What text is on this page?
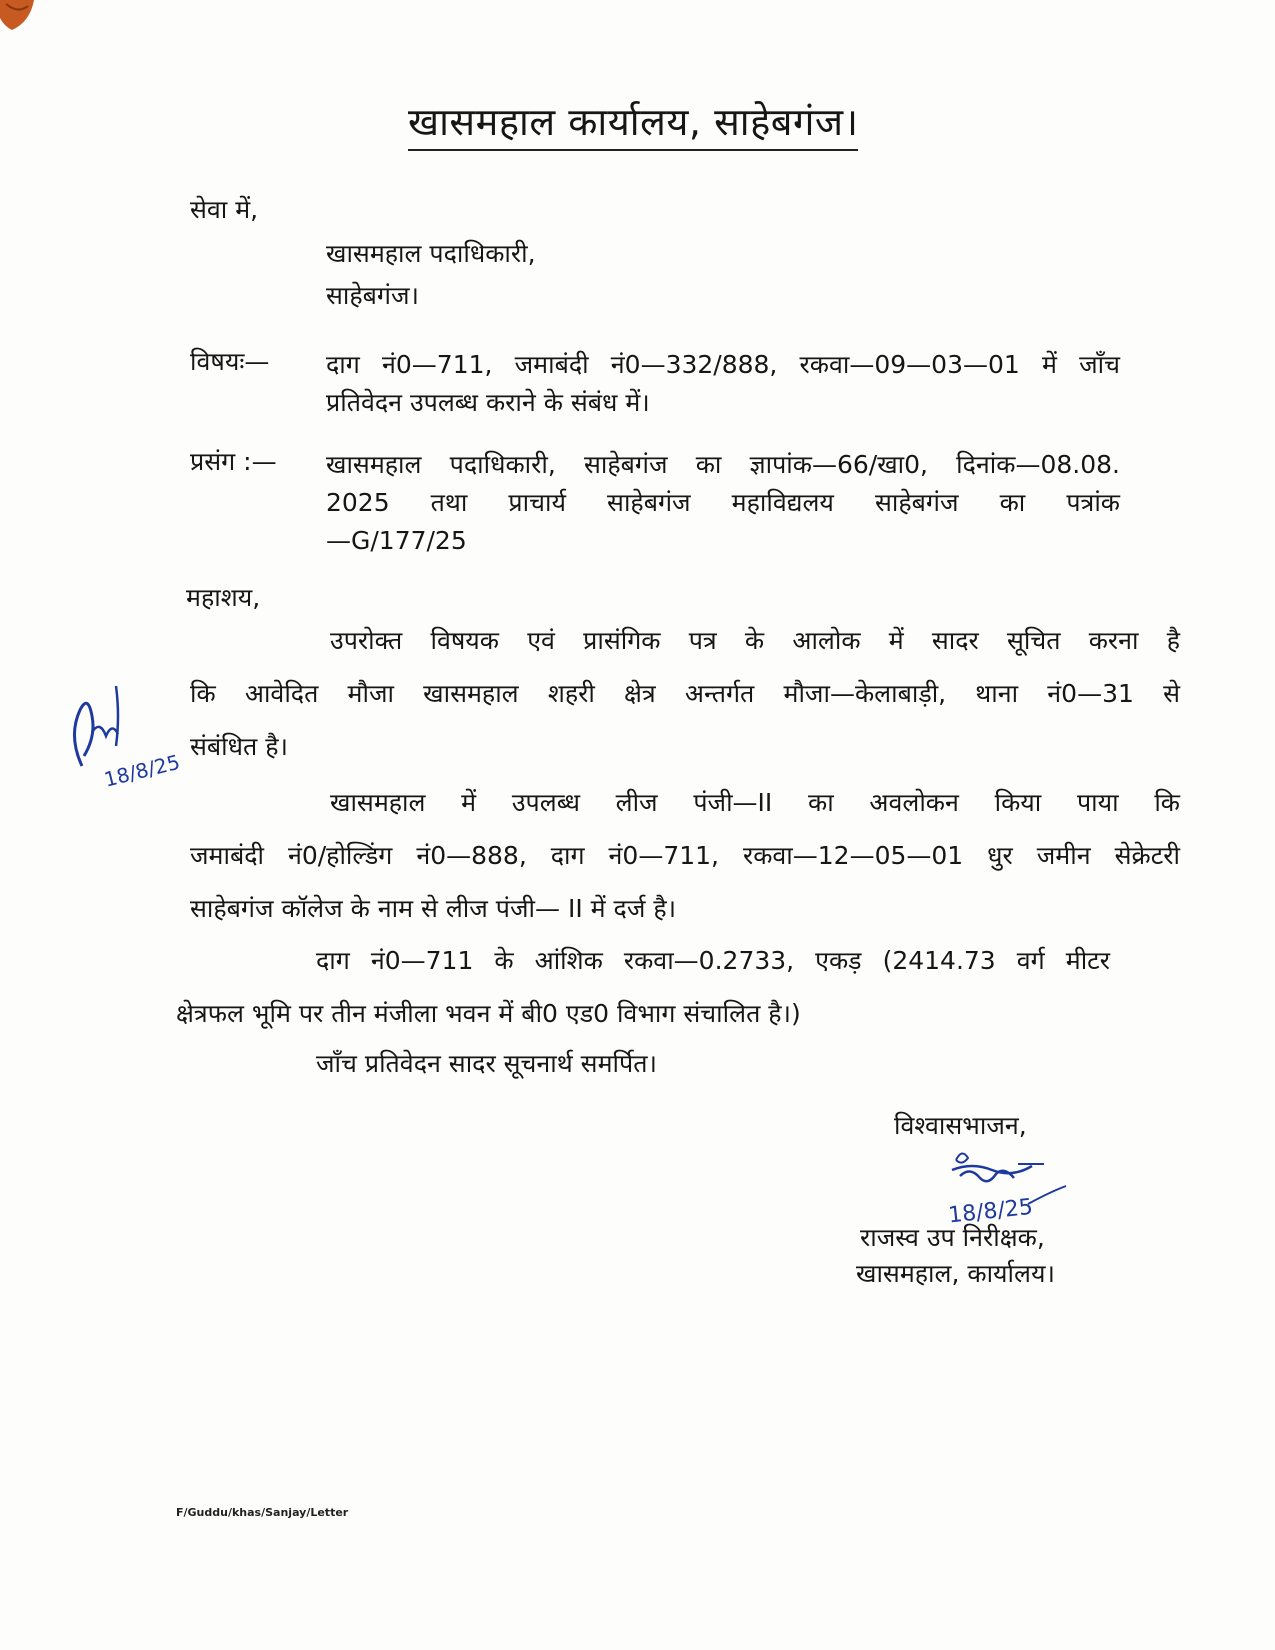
खासमहाल कार्यालय, साहेबगंज।
सेवा में,
खासमहाल पदाधिकारी,
साहेबगंज।
विषयः— दाग नं0—711, जमाबंदी नं0—332/888, रकवा—09—03—01 में जाँच
प्रतिवेदन उपलब्ध कराने के संबंध में।
प्रसंग :— खासमहाल पदाधिकारी, साहेबगंज का ज्ञापांक—66/खा0, दिनांक—08.08.
2025 तथा प्राचार्य साहेबगंज महाविद्यलय साहेबगंज का पत्रांक
—G/177/25
महाशय,
उपरोक्त विषयक एवं प्रासंगिक पत्र के आलोक में सादर सूचित करना है
कि आवेदित मौजा खासमहाल शहरी क्षेत्र अन्तर्गत मौजा—केलाबाड़ी, थाना नं0—31 से
संबंधित है।
खासमहाल में उपलब्ध लीज पंजी—II का अवलोकन किया पाया कि
जमाबंदी नं0/होल्डिंग नं0—888, दाग नं0—711, रकवा—12—05—01 धुर जमीन सेक्रेटरी
साहेबगंज कॉलेज के नाम से लीज पंजी— II में दर्ज है।
दाग नं0—711 के आंशिक रकवा—0.2733, एकड़ (2414.73 वर्ग मीटर
क्षेत्रफल भूमि पर तीन मंजीला भवन में बी0 एड0 विभाग संचालित है।)
जाँच प्रतिवेदन सादर सूचनार्थ समर्पित।
विश्वासभाजन,
18/8/25
राजस्व उप निरीक्षक,
खासमहाल, कार्यालय।
18/8/25
F/Guddu/khas/Sanjay/Letter
